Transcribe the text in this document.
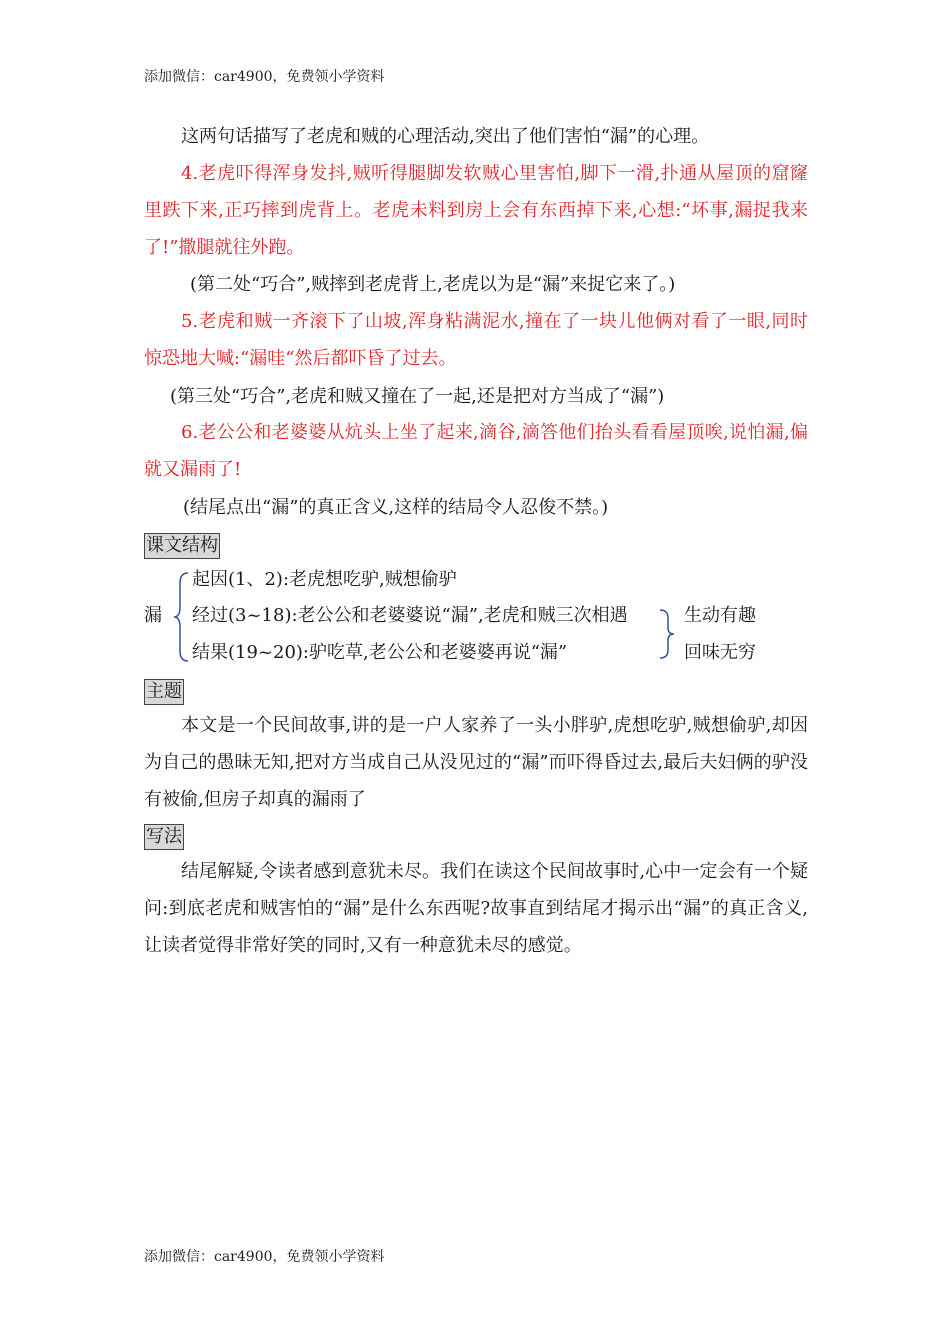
添加微信：car4900，免费领小学资料

这两句话描写了老虎和贼的心理活动,突出了他们害怕“漏”的心理。

4.老虎吓得浑身发抖,贼听得腿脚发软贼心里害怕,脚下一滑,扑通从屋顶的窟窿里跌下来,正巧摔到虎背上。老虎未料到房上会有东西掉下来,心想:“坏事,漏捉我来了!”撒腿就往外跑。

(第二处“巧合”,贼摔到老虎背上,老虎以为是“漏”来捉它来了。)

5.老虎和贼一齐滚下了山坡,浑身粘满泥水,撞在了一块儿他俩对看了一眼,同时惊恐地大喊:“漏哇“然后都吓昏了过去。

(第三处“巧合”,老虎和贼又撞在了一起,还是把对方当成了“漏”)

6.老公公和老婆婆从炕头上坐了起来,滴谷,滴答他们抬头看看屋顶唉,说怕漏,偏就又漏雨了!

(结尾点出“漏”的真正含义,这样的结局令人忍俊不禁。)
课文结构
漏
起因(1、2):老虎想吃驴,贼想偷驴
经过(3~18):老公公和老婆婆说“漏”,老虎和贼三次相遇
结果(19~20):驴吃草,老公公和老婆婆再说“漏”
生动有趣
回味无穷
主题

本文是一个民间故事,讲的是一户人家养了一头小胖驴,虎想吃驴,贼想偷驴,却因为自己的愚昧无知,把对方当成自己从没见过的“漏”而吓得昏过去,最后夫妇俩的驴没有被偷,但房子却真的漏雨了

写法

结尾解疑,令读者感到意犹未尽。我们在读这个民间故事时,心中一定会有一个疑问:到底老虎和贼害怕的“漏”是什么东西呢?故事直到结尾才揭示出“漏”的真正含义,让读者觉得非常好笑的同时,又有一种意犹未尽的感觉。

添加微信：car4900，免费领小学资料
